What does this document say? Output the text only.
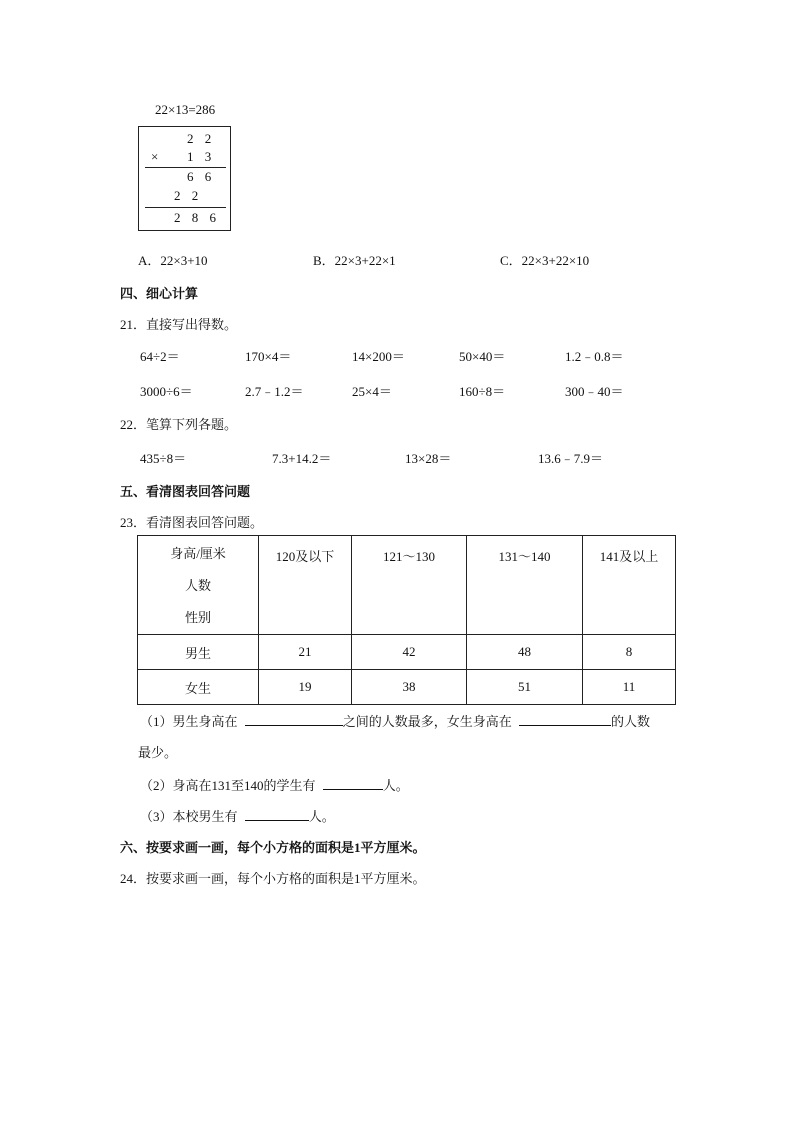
22×13=286
2 2
× 1 3
6 6
2 2
2 8 6
A．22×3+10	B．22×3+22×1	C．22×3+22×10
四、细心计算
21．直接写出得数。
64÷2＝	170×4＝	14×200＝	50×40＝	1.2﹣0.8＝
3000÷6＝	2.7﹣1.2＝	25×4＝	160÷8＝	300﹣40＝
22．笔算下列各题。
435÷8＝	7.3+14.2＝	13×28＝	13.6﹣7.9＝
五、看清图表回答问题
23．看清图表回答问题。
身高/厘米
人数
性别	120及以下	121～130	131～140	141及以上

男生	21	42	48	8
女生	19	38	51	11
（1）男生身高在	之间的人数最多，女生身高在	的人数
最少。
（2）身高在131至140的学生有	人。
（3）本校男生有	人。
六、按要求画一画，每个小方格的面积是1平方厘米。
24．按要求画一画，每个小方格的面积是1平方厘米。
